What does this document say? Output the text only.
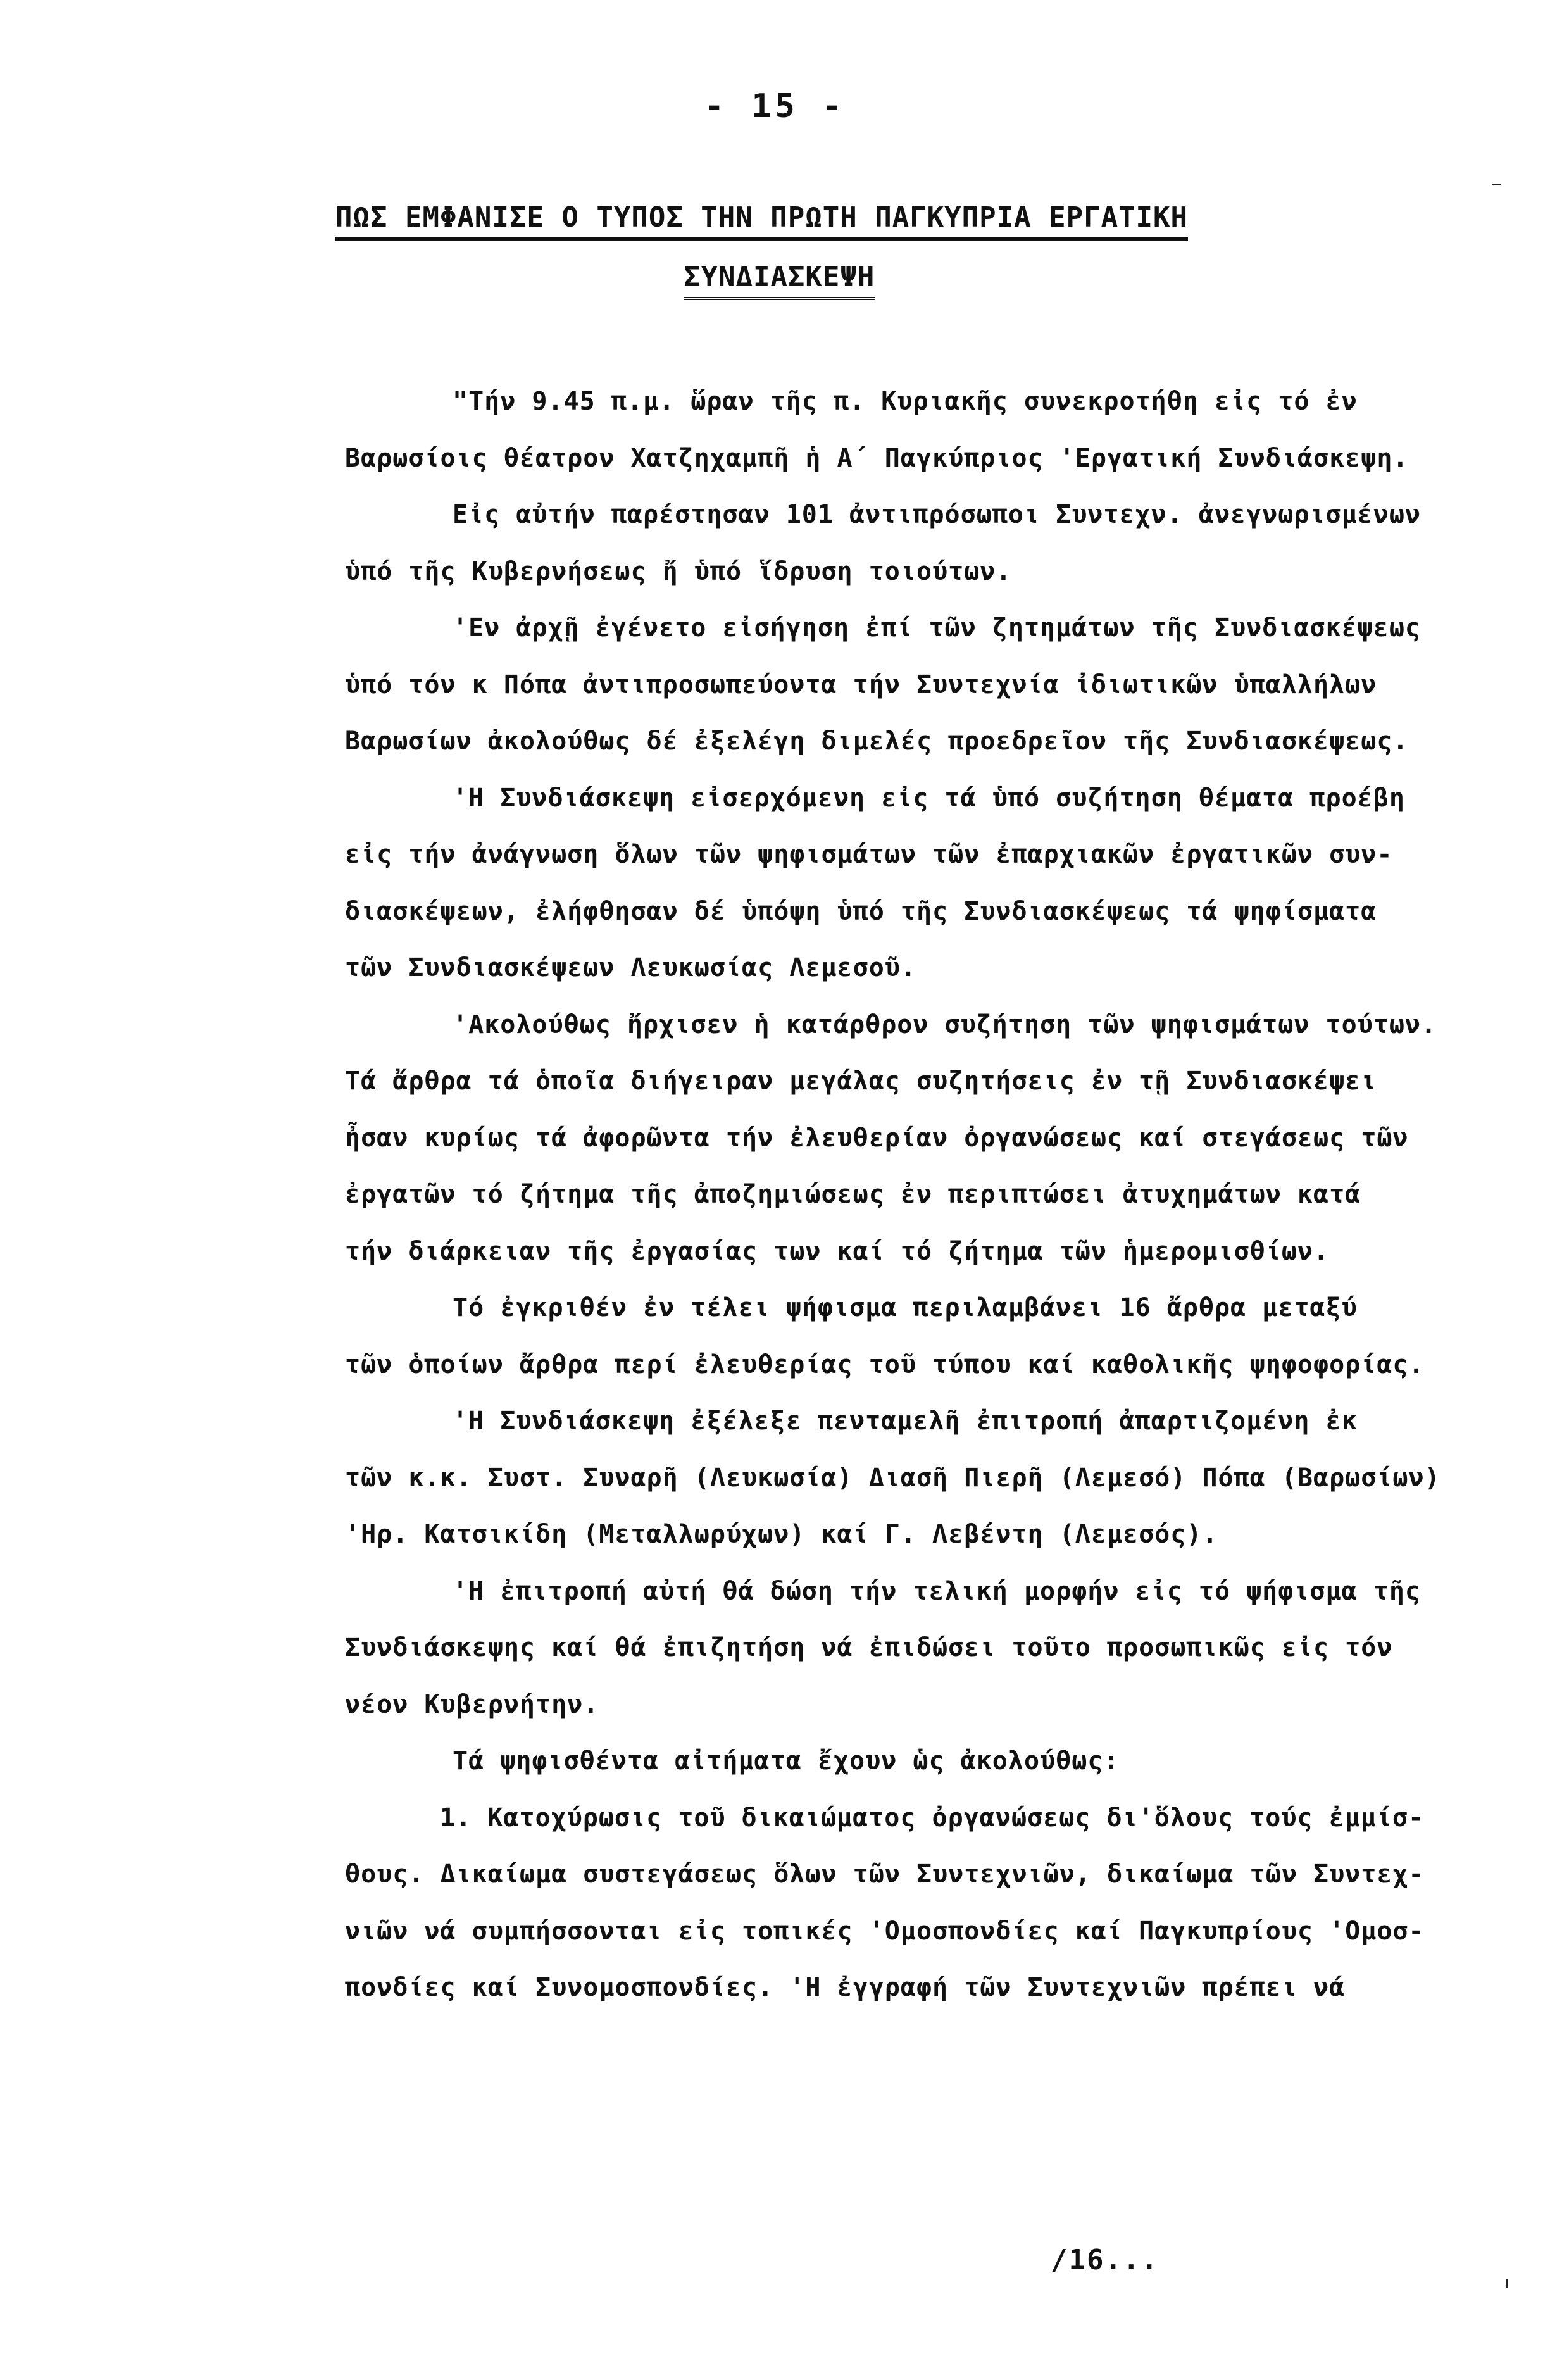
- 15 -
ΠΩΣ ΕΜΦΑΝΙΣΕ Ο ΤΥΠΟΣ ΤΗΝ ΠΡΩΤΗ ΠΑΓΚΥΠΡΙΑ ΕΡΓΑΤΙΚΗ
ΣΥΝΔΙΑΣΚΕΨΗ
"Τήν 9.45 π.μ. ὥραν τῆς π. Κυριακῆς συνεκροτήθη εἰς τό ἐν
Βαρωσίοις θέατρον Χατζηχαμπῆ ἡ Α΄ Παγκύπριος 'Εργατική Συνδιάσκεψη.
Εἰς αὐτήν παρέστησαν 101 ἀντιπρόσωποι Συντεχν. ἀνεγνωρισμένων
ὑπό τῆς Κυβερνήσεως ἤ ὑπό ἵδρυση τοιούτων.
'Εν ἀρχῇ ἐγένετο εἰσήγηση ἐπί τῶν ζητημάτων τῆς Συνδιασκέψεως
ὑπό τόν κ Πόπα ἀντιπροσωπεύοντα τήν Συντεχνία ἰδιωτικῶν ὑπαλλήλων
Βαρωσίων ἀκολούθως δέ ἐξελέγη διμελές προεδρεῖον τῆς Συνδιασκέψεως.
'Η Συνδιάσκεψη εἰσερχόμενη εἰς τά ὑπό συζήτηση θέματα προέβη
εἰς τήν ἀνάγνωση ὅλων τῶν ψηφισμάτων τῶν ἐπαρχιακῶν ἐργατικῶν συν-
διασκέψεων, ἐλήφθησαν δέ ὑπόψη ὑπό τῆς Συνδιασκέψεως τά ψηφίσματα
τῶν Συνδιασκέψεων Λευκωσίας Λεμεσοῦ.
'Ακολούθως ἤρχισεν ἡ κατάρθρον συζήτηση τῶν ψηφισμάτων τούτων.
Τά ἄρθρα τά ὁποῖα διήγειραν μεγάλας συζητήσεις ἐν τῇ Συνδιασκέψει
ἦσαν κυρίως τά ἀφορῶντα τήν ἐλευθερίαν ὀργανώσεως καί στεγάσεως τῶν
ἐργατῶν τό ζήτημα τῆς ἀποζημιώσεως ἐν περιπτώσει ἀτυχημάτων κατά
τήν διάρκειαν τῆς ἐργασίας των καί τό ζήτημα τῶν ἡμερομισθίων.
Τό ἐγκριθέν ἐν τέλει ψήφισμα περιλαμβάνει 16 ἄρθρα μεταξύ
τῶν ὁποίων ἄρθρα περί ἐλευθερίας τοῦ τύπου καί καθολικῆς ψηφοφορίας.
'Η Συνδιάσκεψη ἐξέλεξε πενταμελῆ ἐπιτροπή ἀπαρτιζομένη ἐκ
τῶν κ.κ. Συστ. Συναρῆ (Λευκωσία) Διασῆ Πιερῆ (Λεμεσό) Πόπα (Βαρωσίων)
'Ηρ. Κατσικίδη (Μεταλλωρύχων) καί Γ. Λεβέντη (Λεμεσός).
'Η ἐπιτροπή αὐτή θά δώση τήν τελική μορφήν εἰς τό ψήφισμα τῆς
Συνδιάσκεψης καί θά ἐπιζητήση νά ἐπιδώσει τοῦτο προσωπικῶς εἰς τόν
νέον Κυβερνήτην.
Τά ψηφισθέντα αἰτήματα ἔχουν ὡς ἀκολούθως:
1. Κατοχύρωσις τοῦ δικαιώματος ὀργανώσεως δι'ὅλους τούς ἐμμίσ-
θους. Δικαίωμα συστεγάσεως ὅλων τῶν Συντεχνιῶν, δικαίωμα τῶν Συντεχ-
νιῶν νά συμπήσσονται εἰς τοπικές 'Ομοσπονδίες καί Παγκυπρίους 'Ομοσ-
πονδίες καί Συνομοσπονδίες. 'Η ἐγγραφή τῶν Συντεχνιῶν πρέπει νά
/16...
